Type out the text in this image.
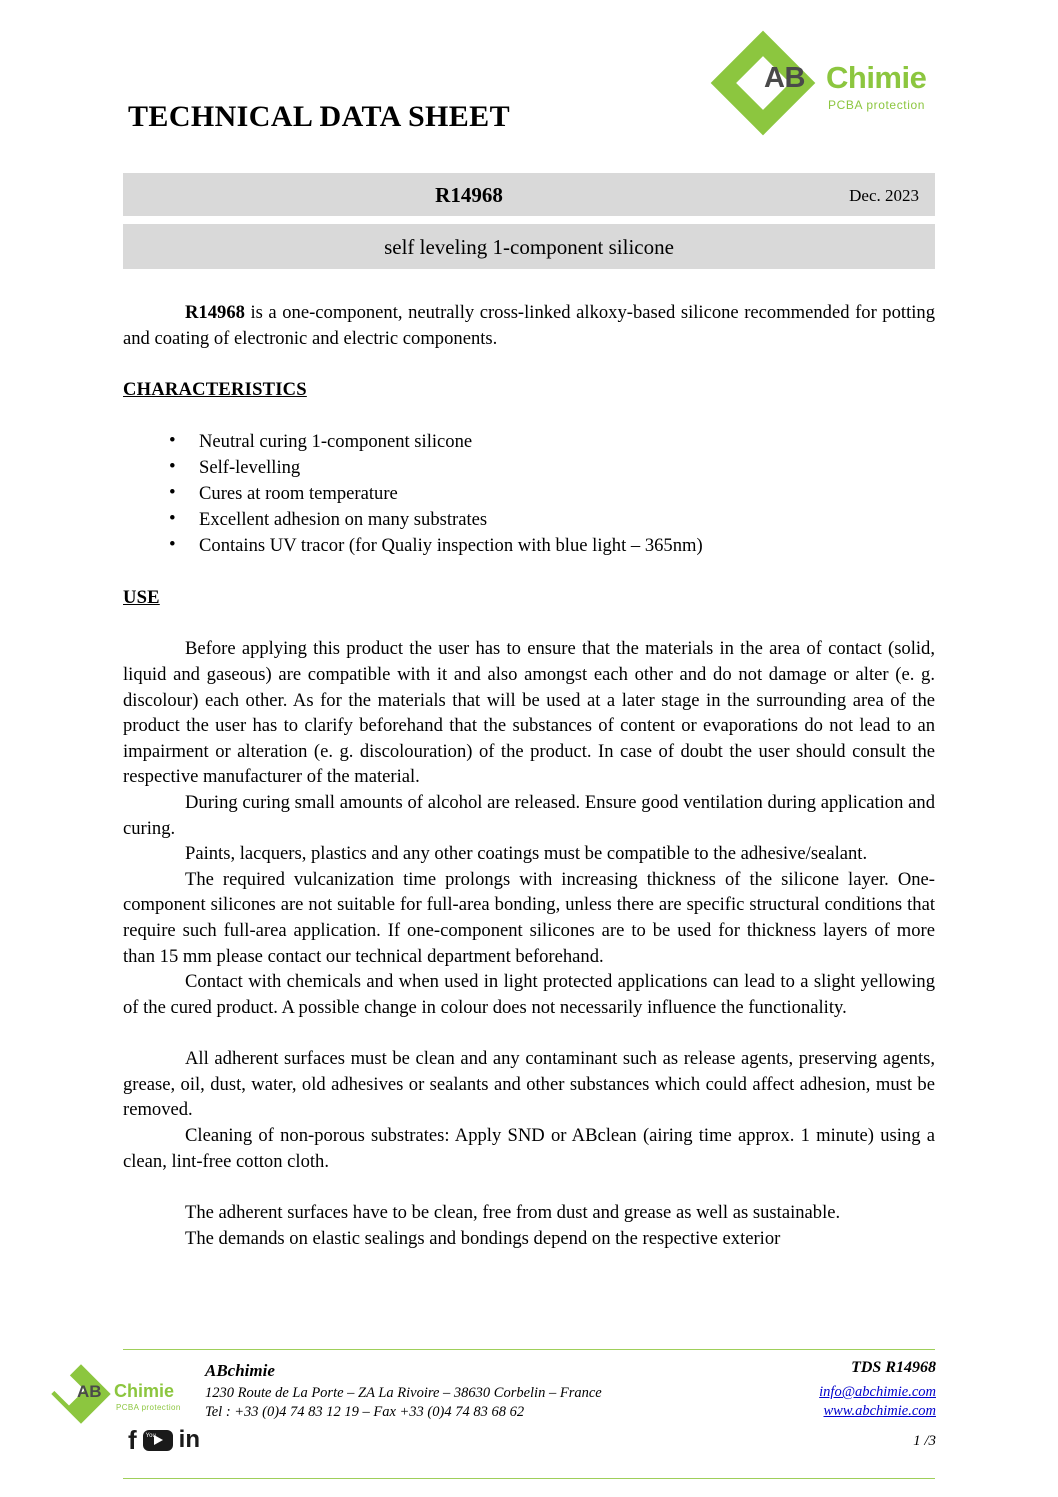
TECHNICAL DATA SHEET
AB Chimie
PCBA protection
R14968	Dec. 2023
self leveling 1-component silicone

R14968 is a one-component, neutrally cross-linked alkoxy-based silicone recommended for potting and coating of electronic and electric components.

CHARACTERISTICS
• Neutral curing 1-component silicone
• Self-levelling
• Cures at room temperature
• Excellent adhesion on many substrates
• Contains UV tracor (for Qualiy inspection with blue light – 365nm)
USE

Before applying this product the user has to ensure that the materials in the area of contact (solid, liquid and gaseous) are compatible with it and also amongst each other and do not damage or alter (e. g. discolour) each other. As for the materials that will be used at a later stage in the surrounding area of the product the user has to clarify beforehand that the substances of content or evaporations do not lead to an impairment or alteration (e. g. discolouration) of the product. In case of doubt the user should consult the respective manufacturer of the material.

During curing small amounts of alcohol are released. Ensure good ventilation during application and curing.

Paints, lacquers, plastics and any other coatings must be compatible to the adhesive/sealant.

The required vulcanization time prolongs with increasing thickness of the silicone layer. One-component silicones are not suitable for full-area bonding, unless there are specific structural conditions that require such full-area application. If one-component silicones are to be used for thickness layers of more than 15 mm please contact our technical department beforehand.

Contact with chemicals and when used in light protected applications can lead to a slight yellowing of the cured product. A possible change in colour does not necessarily influence the functionality.

All adherent surfaces must be clean and any contaminant such as release agents, preserving agents, grease, oil, dust, water, old adhesives or sealants and other substances which could affect adhesion, must be removed.

Cleaning of non-porous substrates: Apply SND or ABclean (airing time approx. 1 minute) using a clean, lint-free cotton cloth.

The adherent surfaces have to be clean, free from dust and grease as well as sustainable.

The demands on elastic sealings and bondings depend on the respective exterior

AB Chimie
PCBA protection
f You in
ABchimie
1230 Route de La Porte – ZA La Rivoire – 38630 Corbelin – France
Tel : +33 (0)4 74 83 12 19 – Fax +33 (0)4 74 83 68 62
TDS R14968
info@abchimie.com
www.abchimie.com
1 /3
